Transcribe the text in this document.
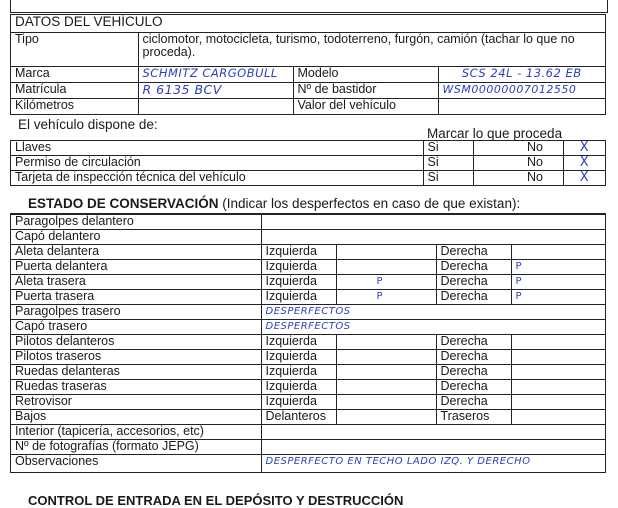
DATOS DEL VEHÍCULO			
Tipo	ciclomotor, motocicleta, turismo, todoterreno, furgón, camión (tachar lo que no proceda).		
Marca	SCHMITZ CARGOBULL	Modelo	SCS 24L - 13.62 EB
Matrícula	R 6135 BCV	Nº de bastidor	WSM00000007012550
Kilómetros		Valor del vehículo	
El vehículo dispone de:
Marcar lo que proceda
Llaves	Si		No	X
Permiso de circulación	Si		No	X
Tarjeta de inspección técnica del vehículo	Si		No	X
ESTADO DE CONSERVACIÓN (Indicar los desperfectos en caso de que existan):
Paragolpes delantero				
Capó delantero				
Aleta delantera	Izquierda		Derecha	
Puerta delantera	Izquierda		Derecha	P
Aleta trasera	Izquierda	P	Derecha	P
Puerta trasera	Izquierda	P	Derecha	P
Paragolpes trasero	DESPERFECTOS			
Capó trasero	DESPERFECTOS			
Pilotos delanteros	Izquierda		Derecha	
Pilotos traseros	Izquierda		Derecha	
Ruedas delanteras	Izquierda		Derecha	
Ruedas traseras	Izquierda		Derecha	
Retrovisor	Izquierda		Derecha	
Bajos	Delanteros		Traseros	
Interior (tapicería, accesorios, etc)				
Nº de fotografías (formato JEPG)				
Observaciones	DESPERFECTO EN TECHO LADO IZQ. Y DERECHO			
CONTROL DE ENTRADA EN EL DEPÓSITO Y DESTRUCCIÓN
